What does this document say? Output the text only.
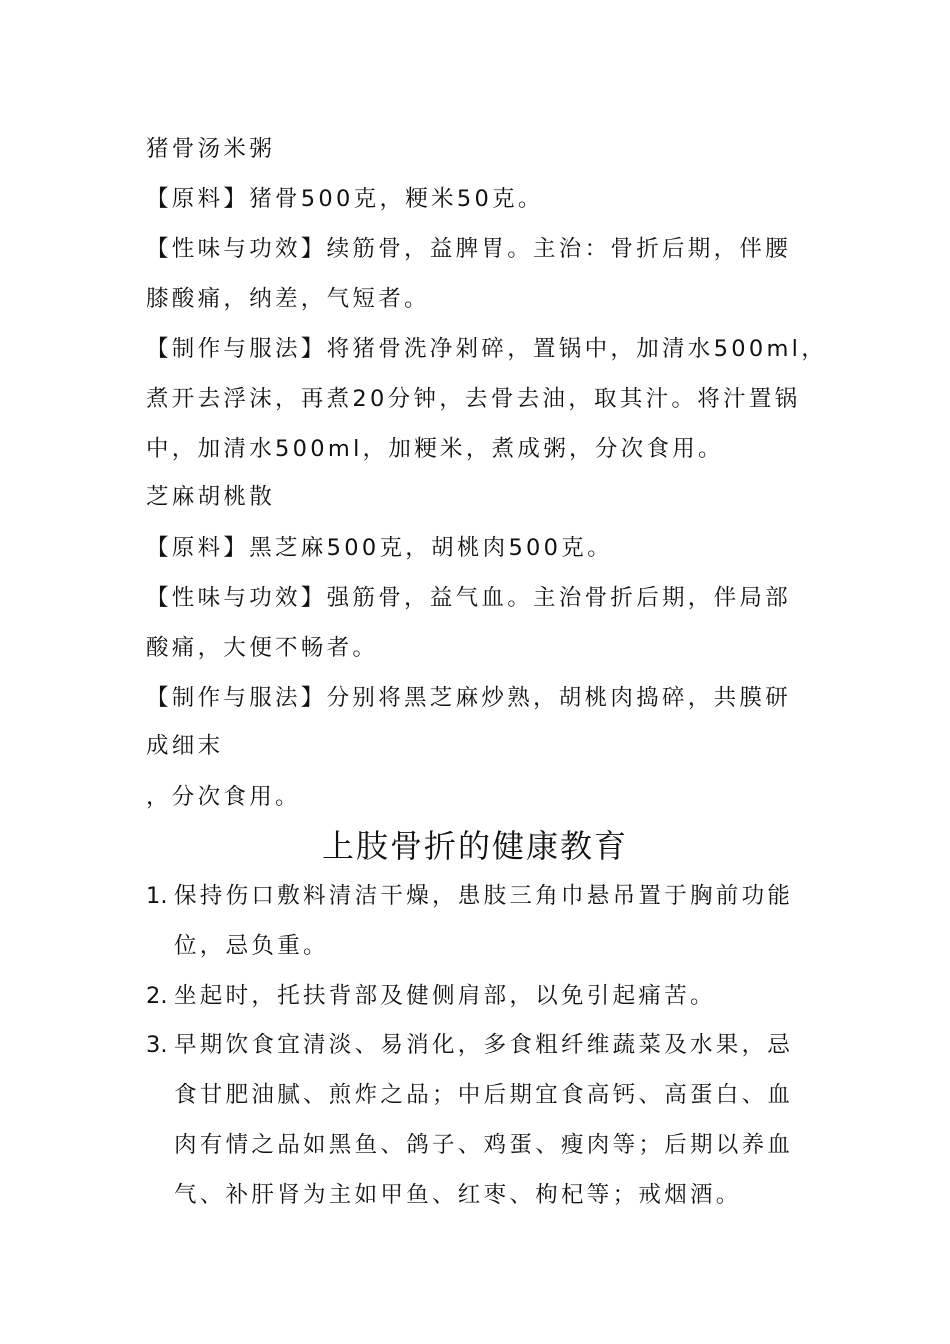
猪骨汤米粥

【原料】猪骨500克，粳米50克。

【性味与功效】续筋骨，益脾胃。主治：骨折后期，伴腰

膝酸痛，纳差，气短者。

【制作与服法】将猪骨洗净剁碎，置锅中，加清水500ml，

煮开去浮沫，再煮20分钟，去骨去油，取其汁。将汁置锅

中，加清水500ml，加粳米，煮成粥，分次食用。

芝麻胡桃散

【原料】黑芝麻500克，胡桃肉500克。

【性味与功效】强筋骨，益气血。主治骨折后期，伴局部

酸痛，大便不畅者。

【制作与服法】分别将黑芝麻炒熟，胡桃肉捣碎，共膜研

成细末

，分次食用。

上肢骨折的健康教育
1. 保持伤口敷料清洁干燥，患肢三角巾悬吊置于胸前功能

位，忌负重。

2. 坐起时，托扶背部及健侧肩部，以免引起痛苦。

3. 早期饮食宜清淡、易消化，多食粗纤维蔬菜及水果，忌

食甘肥油腻、煎炸之品；中后期宜食高钙、高蛋白、血

肉有情之品如黑鱼、鸽子、鸡蛋、瘦肉等；后期以养血

气、补肝肾为主如甲鱼、红枣、枸杞等；戒烟酒。
